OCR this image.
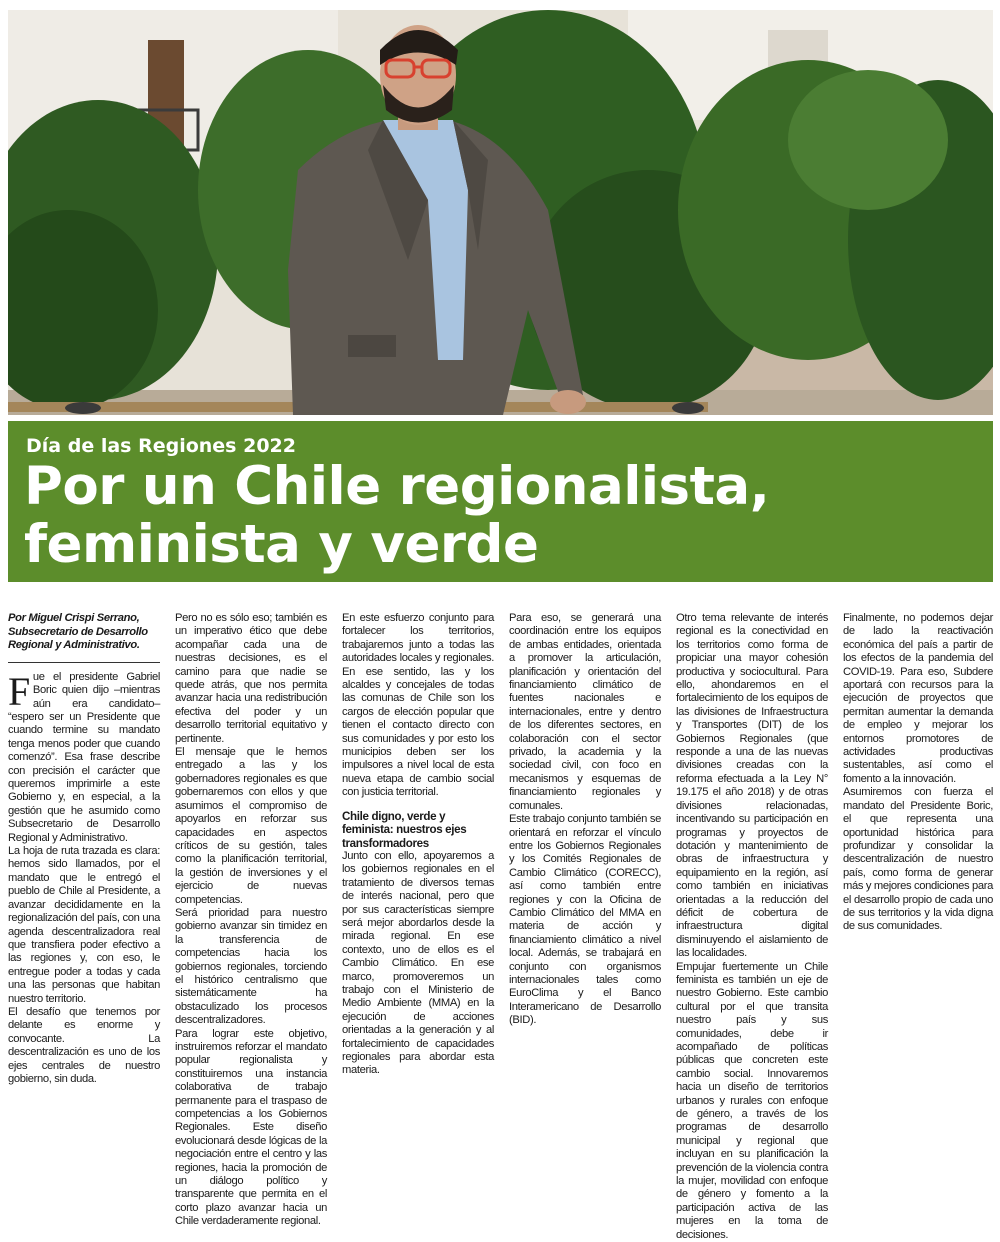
Día de las Regiones 2022
Por un Chile regionalista,
feminista y verde

Por Miguel Crispi Serrano, Subsecretario de Desarrollo Regional y Administrativo.

Fue el presidente Gabriel Boric quien dijo –mientras aún era candidato– “espero ser un Presidente que cuando termine su mandato tenga menos poder que cuando comenzó”. Esa frase describe con precisión el carácter que queremos imprimirle a este Gobierno y, en especial, a la gestión que he asumido como Subsecretario de Desarrollo Regional y Administrativo.

La hoja de ruta trazada es clara: hemos sido llamados, por el mandato que le entregó el pueblo de Chile al Presidente, a avanzar decididamente en la regionalización del país, con una agenda descentralizadora real que transfiera poder efectivo a las regiones y, con eso, le entregue poder a todas y cada una las personas que habitan nuestro territorio.

El desafío que tenemos por delante es enorme y convocante. La descentralización es uno de los ejes centrales de nuestro gobierno, sin duda.

Pero no es sólo eso; también es un imperativo ético que debe acompañar cada una de nuestras decisiones, es el camino para que nadie se quede atrás, que nos permita avanzar hacia una redistribución efectiva del poder y un desarrollo territorial equitativo y pertinente.

El mensaje que le hemos entregado a las y los gobernadores regionales es que gobernaremos con ellos y que asumimos el compromiso de apoyarlos en reforzar sus capacidades en aspectos críticos de su gestión, tales como la planificación territorial, la gestión de inversiones y el ejercicio de nuevas competencias.

Será prioridad para nuestro gobierno avanzar sin timidez en la transferencia de competencias hacia los gobiernos regionales, torciendo el histórico centralismo que sistemáticamente ha obstaculizado los procesos descentralizadores.

Para lograr este objetivo, instruiremos reforzar el mandato popular regionalista y constituiremos una instancia colaborativa de trabajo permanente para el traspaso de competencias a los Gobiernos Regionales. Este diseño evolucionará desde lógicas de la negociación entre el centro y las regiones, hacia la promoción de un diálogo político y transparente que permita en el corto plazo avanzar hacia un Chile verdaderamente regional.

En este esfuerzo conjunto para fortalecer los territorios, trabajaremos junto a todas las autoridades locales y regionales. En ese sentido, las y los alcaldes y concejales de todas las comunas de Chile son los cargos de elección popular que tienen el contacto directo con sus comunidades y por esto los municipios deben ser los impulsores a nivel local de esta nueva etapa de cambio social con justicia territorial.

Chile digno, verde y feminista: nuestros ejes transformadores

Junto con ello, apoyaremos a los gobiernos regionales en el tratamiento de diversos temas de interés nacional, pero que por sus características siempre será mejor abordarlos desde la mirada regional. En ese contexto, uno de ellos es el Cambio Climático. En ese marco, promoveremos un trabajo con el Ministerio de Medio Ambiente (MMA) en la ejecución de acciones orientadas a la generación y al fortalecimiento de capacidades regionales para abordar esta materia.

Para eso, se generará una coordinación entre los equipos de ambas entidades, orientada a promover la articulación, planificación y orientación del financiamiento climático de fuentes nacionales e internacionales, entre y dentro de los diferentes sectores, en colaboración con el sector privado, la academia y la sociedad civil, con foco en mecanismos y esquemas de financiamiento regionales y comunales.

Este trabajo conjunto también se orientará en reforzar el vínculo entre los Gobiernos Regionales y los Comités Regionales de Cambio Climático (CORECC), así como también entre regiones y con la Oficina de Cambio Climático del MMA en materia de acción y financiamiento climático a nivel local. Además, se trabajará en conjunto con organismos internacionales tales como EuroClima y el Banco Interamericano de Desarrollo (BID).

Otro tema relevante de interés regional es la conectividad en los territorios como forma de propiciar una mayor cohesión productiva y sociocultural. Para ello, ahondaremos en el fortalecimiento de los equipos de las divisiones de Infraestructura y Transportes (DIT) de los Gobiernos Regionales (que responde a una de las nuevas divisiones creadas con la reforma efectuada a la Ley N° 19.175 el año 2018) y de otras divisiones relacionadas, incentivando su participación en programas y proyectos de dotación y mantenimiento de obras de infraestructura y equipamiento en la región, así como también en iniciativas orientadas a la reducción del déficit de cobertura de infraestructura digital disminuyendo el aislamiento de las localidades.

Empujar fuertemente un Chile feminista es también un eje de nuestro Gobierno. Este cambio cultural por el que transita nuestro país y sus comunidades, debe ir acompañado de políticas públicas que concreten este cambio social. Innovaremos hacia un diseño de territorios urbanos y rurales con enfoque de género, a través de los programas de desarrollo municipal y regional que incluyan en su planificación la prevención de la violencia contra la mujer, movilidad con enfoque de género y fomento a la participación activa de las mujeres en la toma de decisiones.

Finalmente, no podemos dejar de lado la reactivación económica del país a partir de los efectos de la pandemia del COVID-19. Para eso, Subdere aportará con recursos para la ejecución de proyectos que permitan aumentar la demanda de empleo y mejorar los entornos promotores de actividades productivas sustentables, así como el fomento a la innovación.

Asumiremos con fuerza el mandato del Presidente Boric, el que representa una oportunidad histórica para profundizar y consolidar la descentralización de nuestro país, como forma de generar más y mejores condiciones para el desarrollo propio de cada uno de sus territorios y la vida digna de sus comunidades.
